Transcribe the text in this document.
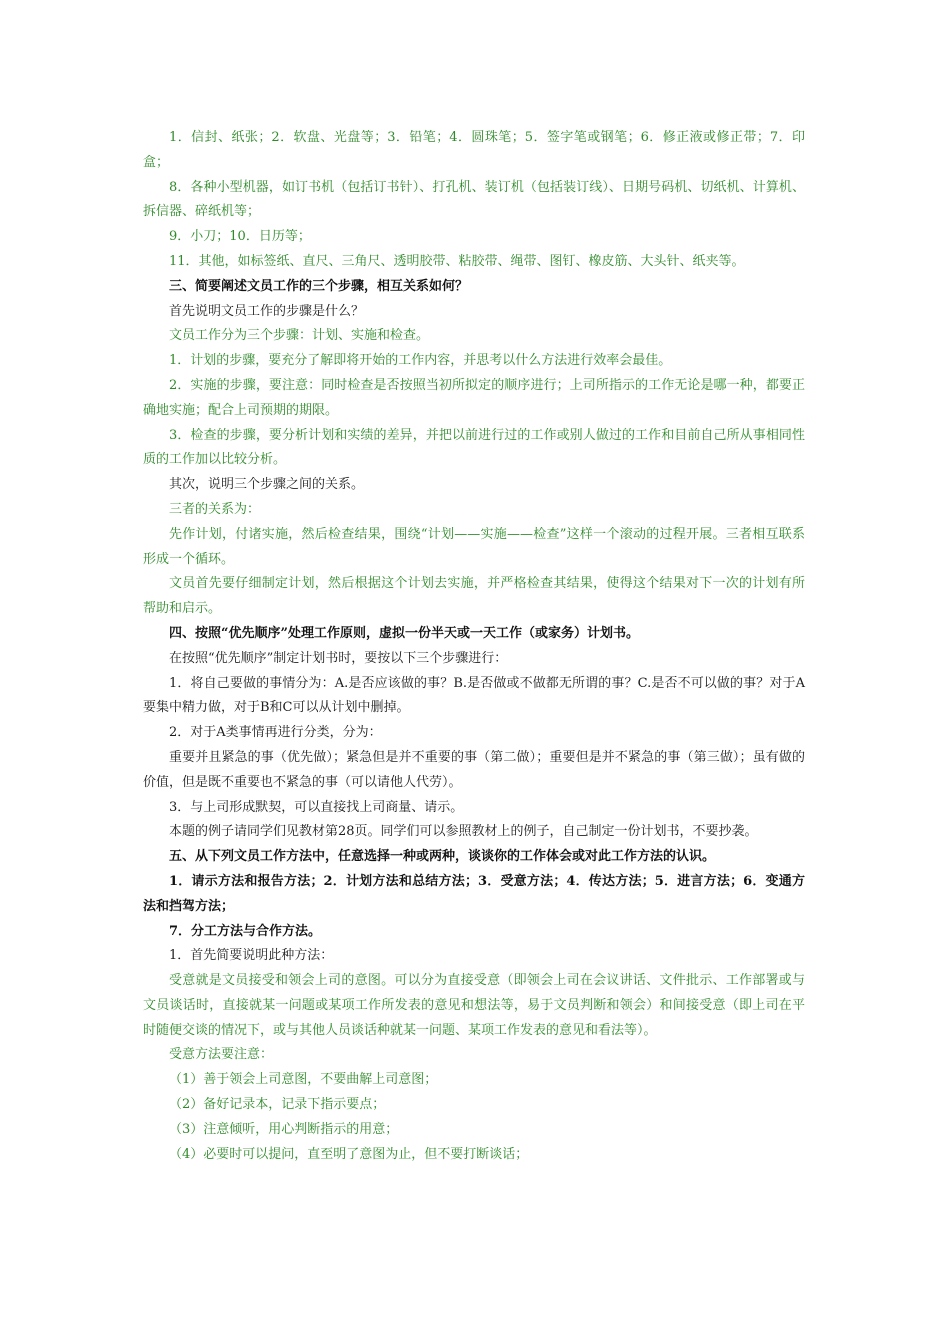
1．信封、纸张；2．软盘、光盘等；3．铅笔；4．圆珠笔；5．签字笔或钢笔；6．修正液或修正带；7．印盒；

8．各种小型机器，如订书机（包括订书针）、打孔机、装订机（包括装订线）、日期号码机、切纸机、计算机、拆信器、碎纸机等；

9．小刀；10．日历等；

11．其他，如标签纸、直尺、三角尺、透明胶带、粘胶带、绳带、图钉、橡皮筋、大头针、纸夹等。

三、简要阐述文员工作的三个步骤，相互关系如何？

首先说明文员工作的步骤是什么？

文员工作分为三个步骤：计划、实施和检查。

1．计划的步骤，要充分了解即将开始的工作内容，并思考以什么方法进行效率会最佳。

2．实施的步骤，要注意：同时检查是否按照当初所拟定的顺序进行；上司所指示的工作无论是哪一种，都要正确地实施；配合上司预期的期限。

3．检查的步骤，要分析计划和实绩的差异，并把以前进行过的工作或别人做过的工作和目前自己所从事相同性质的工作加以比较分析。

其次，说明三个步骤之间的关系。

三者的关系为：

先作计划，付诸实施，然后检查结果，围绕“计划——实施——检查”这样一个滚动的过程开展。三者相互联系形成一个循环。

文员首先要仔细制定计划，然后根据这个计划去实施，并严格检查其结果，使得这个结果对下一次的计划有所帮助和启示。

四、按照“优先顺序”处理工作原则，虚拟一份半天或一天工作（或家务）计划书。

在按照“优先顺序”制定计划书时，要按以下三个步骤进行：

1．将自己要做的事情分为：A.是否应该做的事？B.是否做或不做都无所谓的事？C.是否不可以做的事？对于A要集中精力做，对于B和C可以从计划中删掉。

2．对于A类事情再进行分类，分为：

重要并且紧急的事（优先做）；紧急但是并不重要的事（第二做）；重要但是并不紧急的事（第三做）；虽有做的价值，但是既不重要也不紧急的事（可以请他人代劳）。

3．与上司形成默契，可以直接找上司商量、请示。

本题的例子请同学们见教材第28页。同学们可以参照教材上的例子，自己制定一份计划书，不要抄袭。

五、从下列文员工作方法中，任意选择一种或两种，谈谈你的工作体会或对此工作方法的认识。

1．请示方法和报告方法；2．计划方法和总结方法；3．受意方法；4．传达方法；5．进言方法；6．变通方法和挡驾方法；

7．分工方法与合作方法。

1．首先简要说明此种方法：

受意就是文员接受和领会上司的意图。可以分为直接受意（即领会上司在会议讲话、文件批示、工作部署或与文员谈话时，直接就某一问题或某项工作所发表的意见和想法等，易于文员判断和领会）和间接受意（即上司在平时随便交谈的情况下，或与其他人员谈话种就某一问题、某项工作发表的意见和看法等）。

受意方法要注意：

（1）善于领会上司意图，不要曲解上司意图；

（2）备好记录本，记录下指示要点；

（3）注意倾听，用心判断指示的用意；

（4）必要时可以提问，直至明了意图为止，但不要打断谈话；
